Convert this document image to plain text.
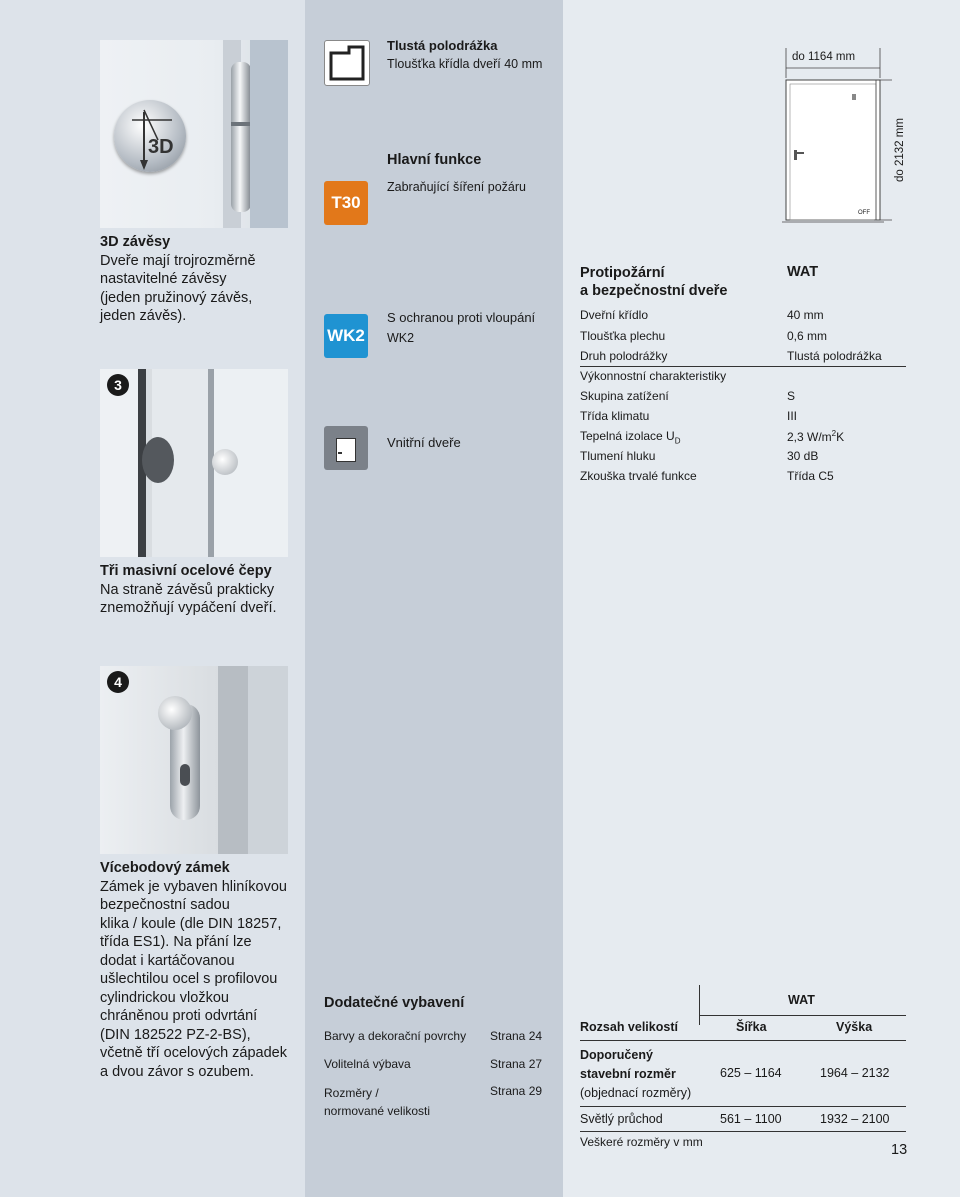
3D
3D závěsy
Dveře mají trojrozměrně
nastavitelné závěsy
(jeden pružinový závěs,
jeden závěs).
3
Tři masivní ocelové čepy
Na straně závěsů prakticky
znemožňují vypáčení dveří.
4
Vícebodový zámek
Zámek je vybaven hliníkovou
bezpečnostní sadou
klika / koule (dle DIN 18257,
třída ES1). Na přání lze
dodat i kartáčovanou
ušlechtilou ocel s profilovou
cylindrickou vložkou
chráněnou proti odvrtání
(DIN 182522 PZ-2-BS),
včetně tří ocelových západek
a dvou závor s ozubem.
Tlustá polodrážka
Tloušťka křídla dveří 40 mm
Hlavní funkce
T30
Zabraňující šíření požáru
WK2
S ochranou proti vloupání
WK2
Vnitřní dveře
do 1164 mm
OFF
do 2132 mm
Protipožární
a bezpečnostní dveře
WAT
Dveřní křídlo	40 mm
Tloušťka plechu	0,6 mm
Druh polodrážky	Tlustá polodrážka
Výkonnostní charakteristiky
Skupina zatížení	S
Třída klimatu	III
Tepelná izolace $U_D$	2,3 $W/m^2K$
Tlumení hluku	30 dB
Zkouška trvalé funkce	Třída C5
Dodatečné vybavení
Barvy a dekorační povrchy Strana 24
Volitelná výbava	Strana 27
Rozměry /
normované velikosti
Strana 29
WAT
Rozsah velikostí	Šířka	Výška
Doporučený
stavební rozměr
(objednací rozměry)
625 – 1164	1964 – 2132
Světlý průchod	561 – 1100	1932 – 2100
Veškeré rozměry v mm	13
